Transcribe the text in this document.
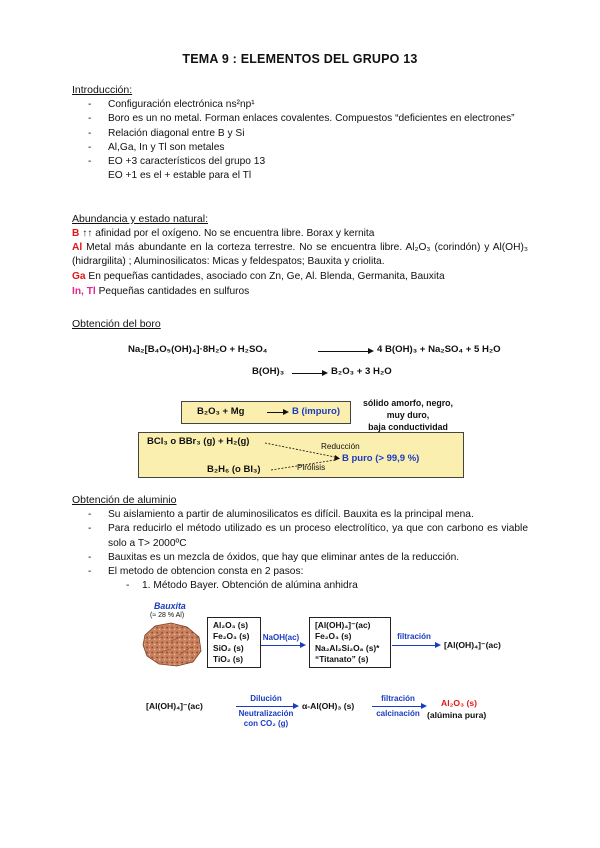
TEMA 9 : ELEMENTOS DEL GRUPO 13
Introducción:
- Configuración electrónica ns²np¹
- Boro es un no metal. Forman enlaces covalentes. Compuestos “deficientes en electrones”
- Relación diagonal entre B y Si
- Al,Ga, In y Tl son metales
- EO +3 característicos del grupo 13
EO +1 es el + estable para el Tl
Abundancia y estado natural:
B ↑↑ afinidad por el oxígeno. No se encuentra libre. Borax y kernita
Al Metal más abundante en la corteza terrestre. No se encuentra libre. Al₂O₃ (corindón) y Al(OH)₃ (hidrargilita) ; Aluminosilicatos: Micas y feldespatos; Bauxita y criolita.
Ga En pequeñas cantidades, asociado con Zn, Ge, Al. Blenda, Germanita, Bauxita
In, Tl Pequeñas cantidades en sulfuros
Obtención del boro
Na₂[B₄O₅(OH)₄]·8H₂O + H₂SO₄	4 B(OH)₃ + Na₂SO₄ + 5 H₂O
B(OH)₃	B₂O₃ + 3 H₂O
B₂O₃ + Mg	B (impuro)
sólido amorfo, negro,
muy duro,
baja conductividad
BCl₃ o BBr₃ (g) + H₂(g)
B₂H₆ (o BI₃)
B puro (> 99,9 %)
Reducción
Pirólisis
Obtención de aluminio
- Su aislamiento a partir de aluminosilicatos es difícil. Bauxita es la principal mena.
- Para reducirlo el método utilizado es un proceso electrolítico, ya que con carbono es viable solo a T> 2000ºC
- Bauxitas es un mezcla de óxidos, que hay que eliminar antes de la reducción.
- El metodo de obtencion consta en 2 pasos:
- 1. Método Bayer. Obtención de alúmina anhidra
Bauxita
(≈ 28 % Al)
Al₂O₃ (s)
Fe₂O₃ (s)
SiO₂ (s)
TiO₂ (s)
NaOH(ac)
[Al(OH)₄]⁻(ac)
Fe₂O₃ (s)
Na₂Al₂Si₂O₈ (s)*
“Titanato” (s)
filtración
[Al(OH)₄]⁻(ac)
[Al(OH)₄]⁻(ac)
Dilución
Neutralización
con CO₂ (g)
α-Al(OH)₃ (s)
filtración
calcinación
Al₂O₃ (s)
(alúmina pura)
